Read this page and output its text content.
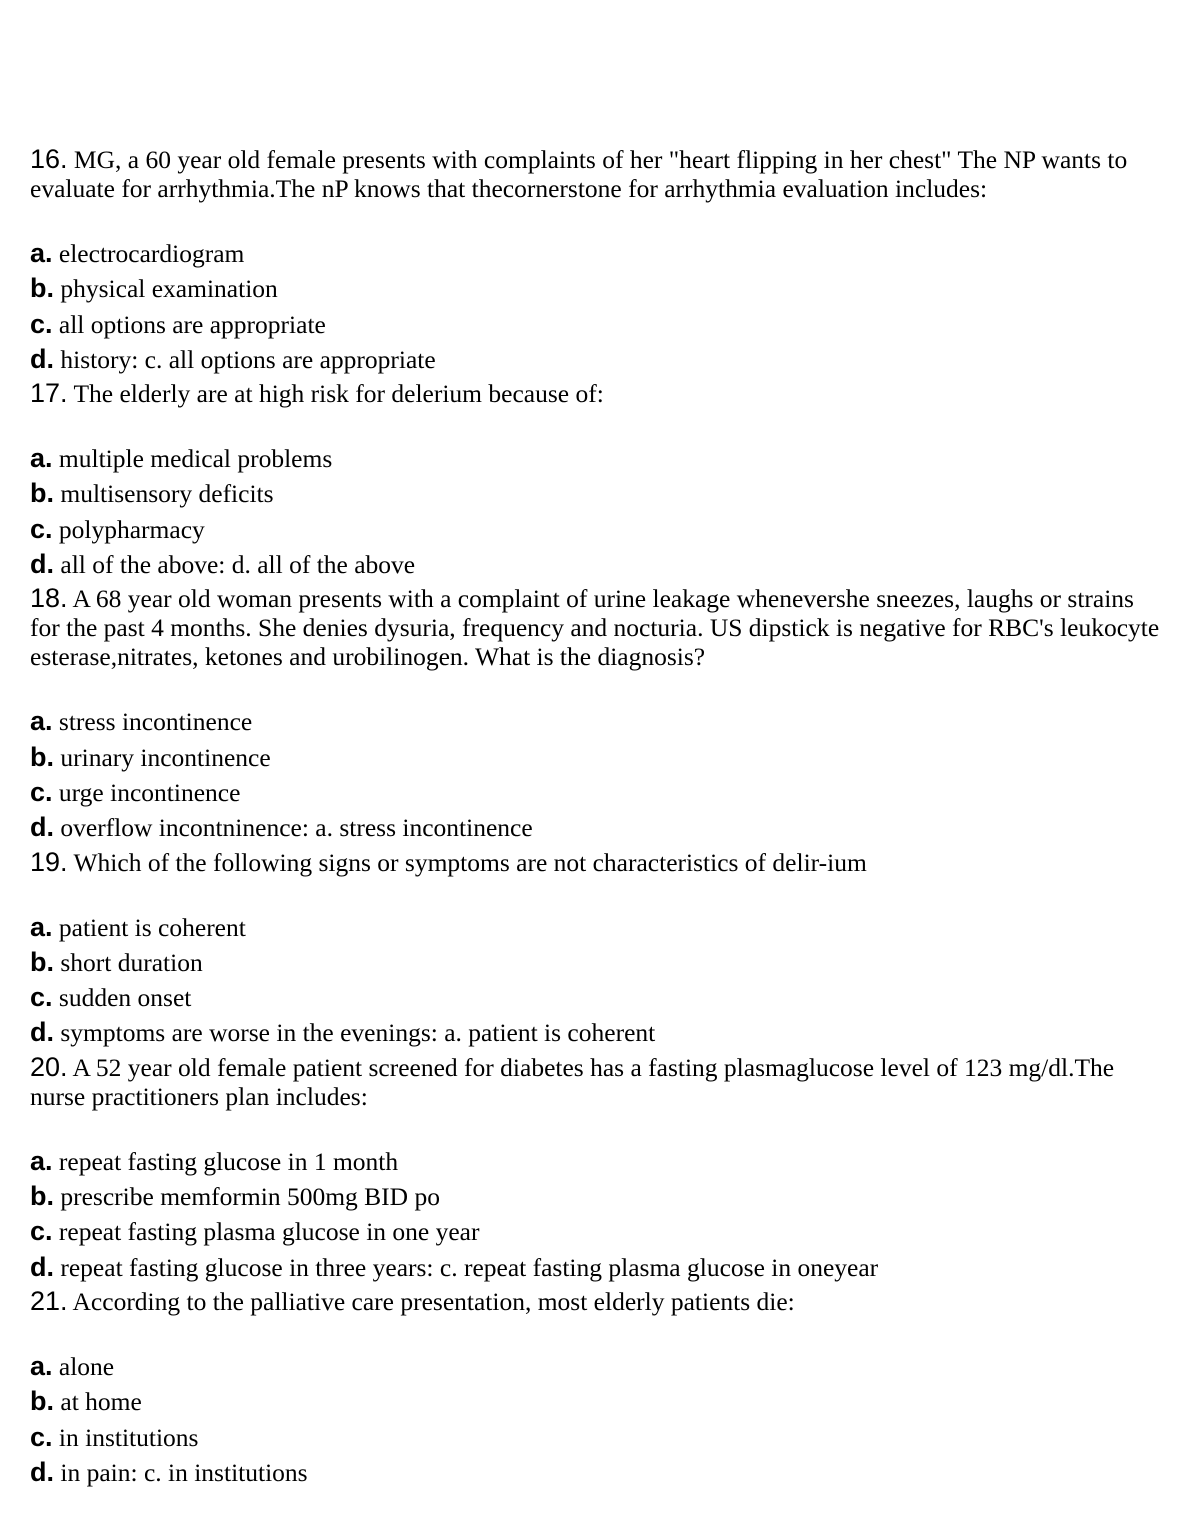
16. MG, a 60 year old female presents with complaints of her "heart flipping in her chest" The NP wants to evaluate for arrhythmia.The nP knows that thecornerstone for arrhythmia evaluation includes:

a. electrocardiogram
b. physical examination
c. all options are appropriate
d. history: c. all options are appropriate

17. The elderly are at high risk for delerium because of:

a. multiple medical problems
b. multisensory deficits
c. polypharmacy
d. all of the above: d. all of the above

18. A 68 year old woman presents with a complaint of urine leakage whenevershe sneezes, laughs or strains for the past 4 months. She denies dysuria, frequency and nocturia. US dipstick is negative for RBC's leukocyte esterase,nitrates, ketones and urobilinogen. What is the diagnosis?

a. stress incontinence
b. urinary incontinence
c. urge incontinence
d. overflow incontninence: a. stress incontinence

19. Which of the following signs or symptoms are not characteristics of delir-ium

a. patient is coherent
b. short duration
c. sudden onset
d. symptoms are worse in the evenings: a. patient is coherent

20. A 52 year old female patient screened for diabetes has a fasting plasmaglucose level of 123 mg/dl.The nurse practitioners plan includes:

a. repeat fasting glucose in 1 month
b. prescribe memformin 500mg BID po
c. repeat fasting plasma glucose in one year
d. repeat fasting glucose in three years: c. repeat fasting plasma glucose in oneyear

21. According to the palliative care presentation, most elderly patients die:

a. alone
b. at home
c. in institutions
d. in pain: c. in institutions
